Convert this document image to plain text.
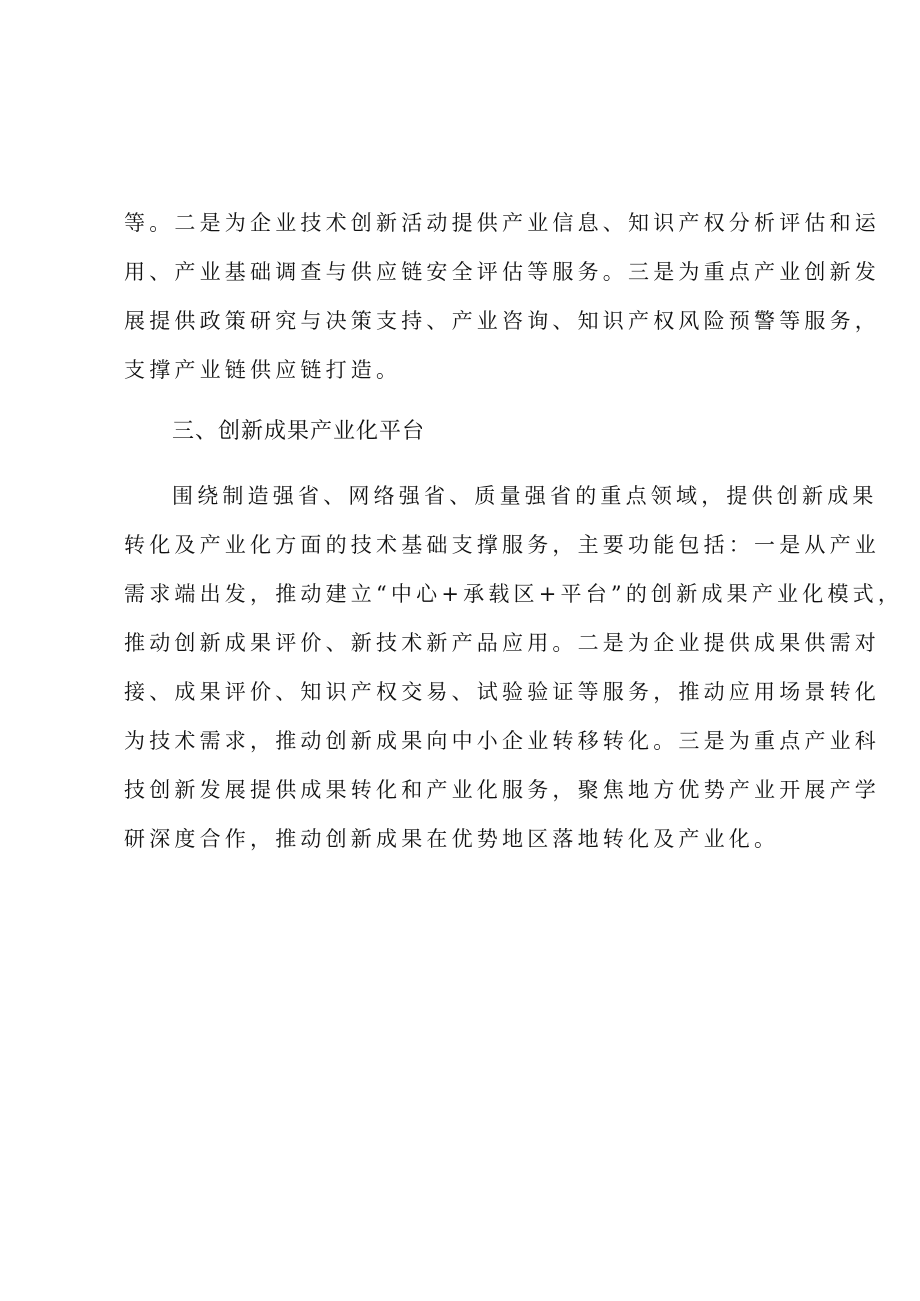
等。二是为企业技术创新活动提供产业信息、知识产权分析评估和运
用、产业基础调查与供应链安全评估等服务。三是为重点产业创新发
展提供政策研究与决策支持、产业咨询、知识产权风险预警等服务，
支撑产业链供应链打造。
三、创新成果产业化平台
围绕制造强省、网络强省、质量强省的重点领域，提供创新成果
转化及产业化方面的技术基础支撑服务，主要功能包括：一是从产业
需求端出发，推动建立“中心+承载区+平台”的创新成果产业化模式，
推动创新成果评价、新技术新产品应用。二是为企业提供成果供需对
接、成果评价、知识产权交易、试验验证等服务，推动应用场景转化
为技术需求，推动创新成果向中小企业转移转化。三是为重点产业科
技创新发展提供成果转化和产业化服务，聚焦地方优势产业开展产学
研深度合作，推动创新成果在优势地区落地转化及产业化。
